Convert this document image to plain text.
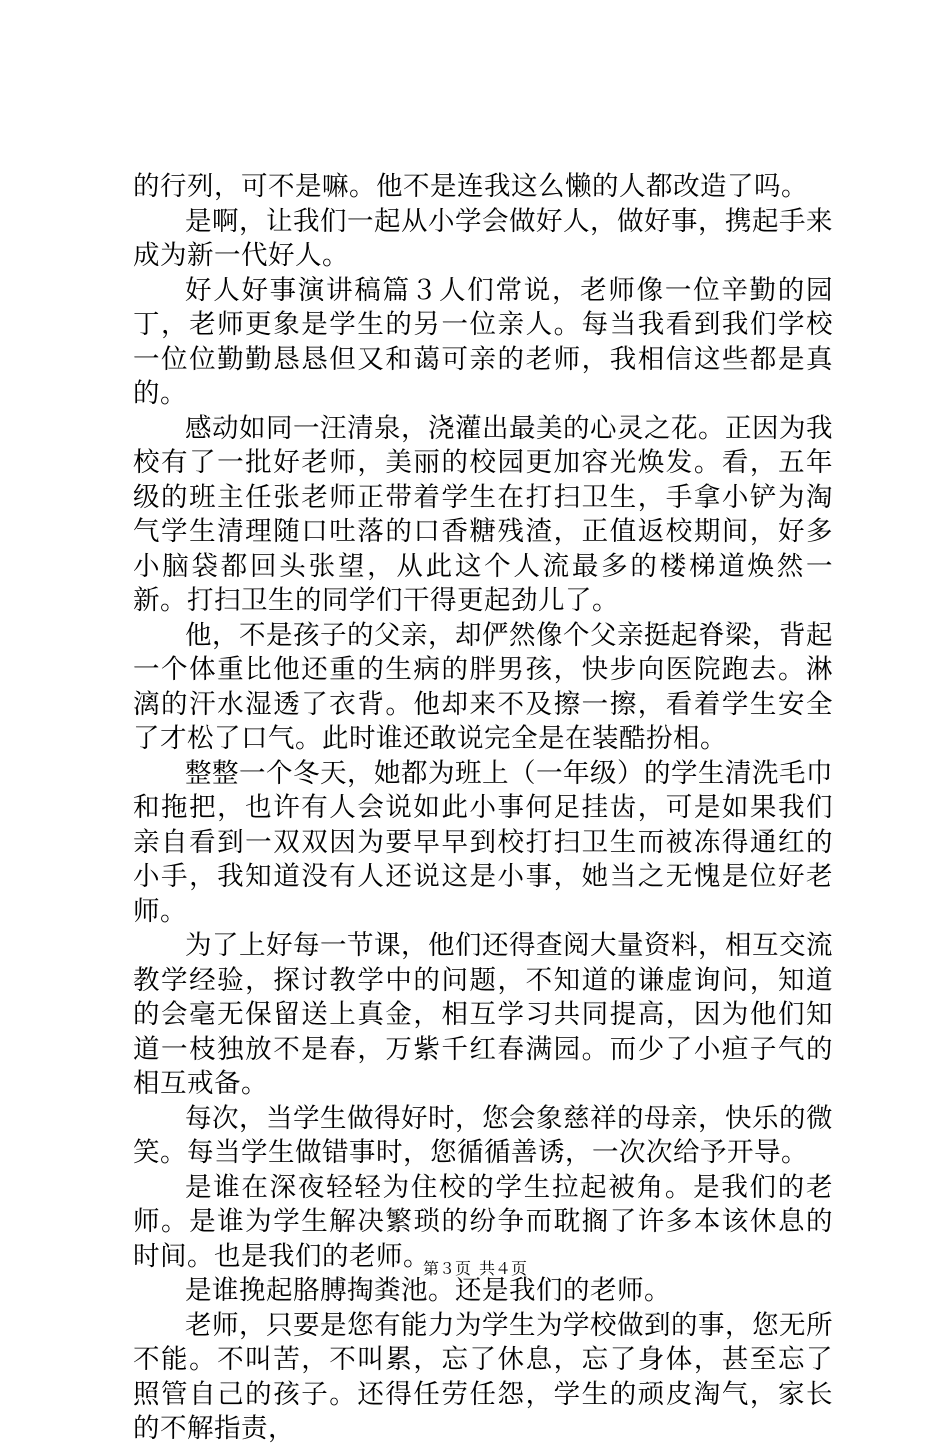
的行列，可不是嘛。他不是连我这么懒的人都改造了吗。

是啊，让我们一起从小学会做好人，做好事，携起手来成为新一代好人。

好人好事演讲稿篇３人们常说，老师像一位辛勤的园丁，老师更象是学生的另一位亲人。每当我看到我们学校一位位勤勤恳恳但又和蔼可亲的老师，我相信这些都是真的。

感动如同一汪清泉，浇灌出最美的心灵之花。正因为我校有了一批好老师，美丽的校园更加容光焕发。看，五年级的班主任张老师正带着学生在打扫卫生，手拿小铲为淘气学生清理随口吐落的口香糖残渣，正值返校期间，好多小脑袋都回头张望，从此这个人流最多的楼梯道焕然一新。打扫卫生的同学们干得更起劲儿了。

他，不是孩子的父亲，却俨然像个父亲挺起脊梁，背起一个体重比他还重的生病的胖男孩，快步向医院跑去。淋漓的汗水湿透了衣背。他却来不及擦一擦，看着学生安全了才松了口气。此时谁还敢说完全是在装酷扮相。

整整一个冬天，她都为班上（一年级）的学生清洗毛巾和拖把，也许有人会说如此小事何足挂齿，可是如果我们亲自看到一双双因为要早早到校打扫卫生而被冻得通红的小手，我知道没有人还说这是小事，她当之无愧是位好老师。

为了上好每一节课，他们还得查阅大量资料，相互交流教学经验，探讨教学中的问题，不知道的谦虚询问，知道的会毫无保留送上真金，相互学习共同提高，因为他们知道一枝独放不是春，万紫千红春满园。而少了小疸子气的相互戒备。

每次，当学生做得好时，您会象慈祥的母亲，快乐的微笑。每当学生做错事时，您循循善诱，一次次给予开导。

是谁在深夜轻轻为住校的学生拉起被角。是我们的老师。是谁为学生解决繁琐的纷争而耽搁了许多本该休息的时间。也是我们的老师。

是谁挽起胳膊掏粪池。还是我们的老师。

老师，只要是您有能力为学生为学校做到的事，您无所不能。不叫苦，不叫累，忘了休息，忘了身体，甚至忘了照管自己的孩子。还得任劳任怨，学生的顽皮淘气，家长的不解指责，

第３页 共４页
